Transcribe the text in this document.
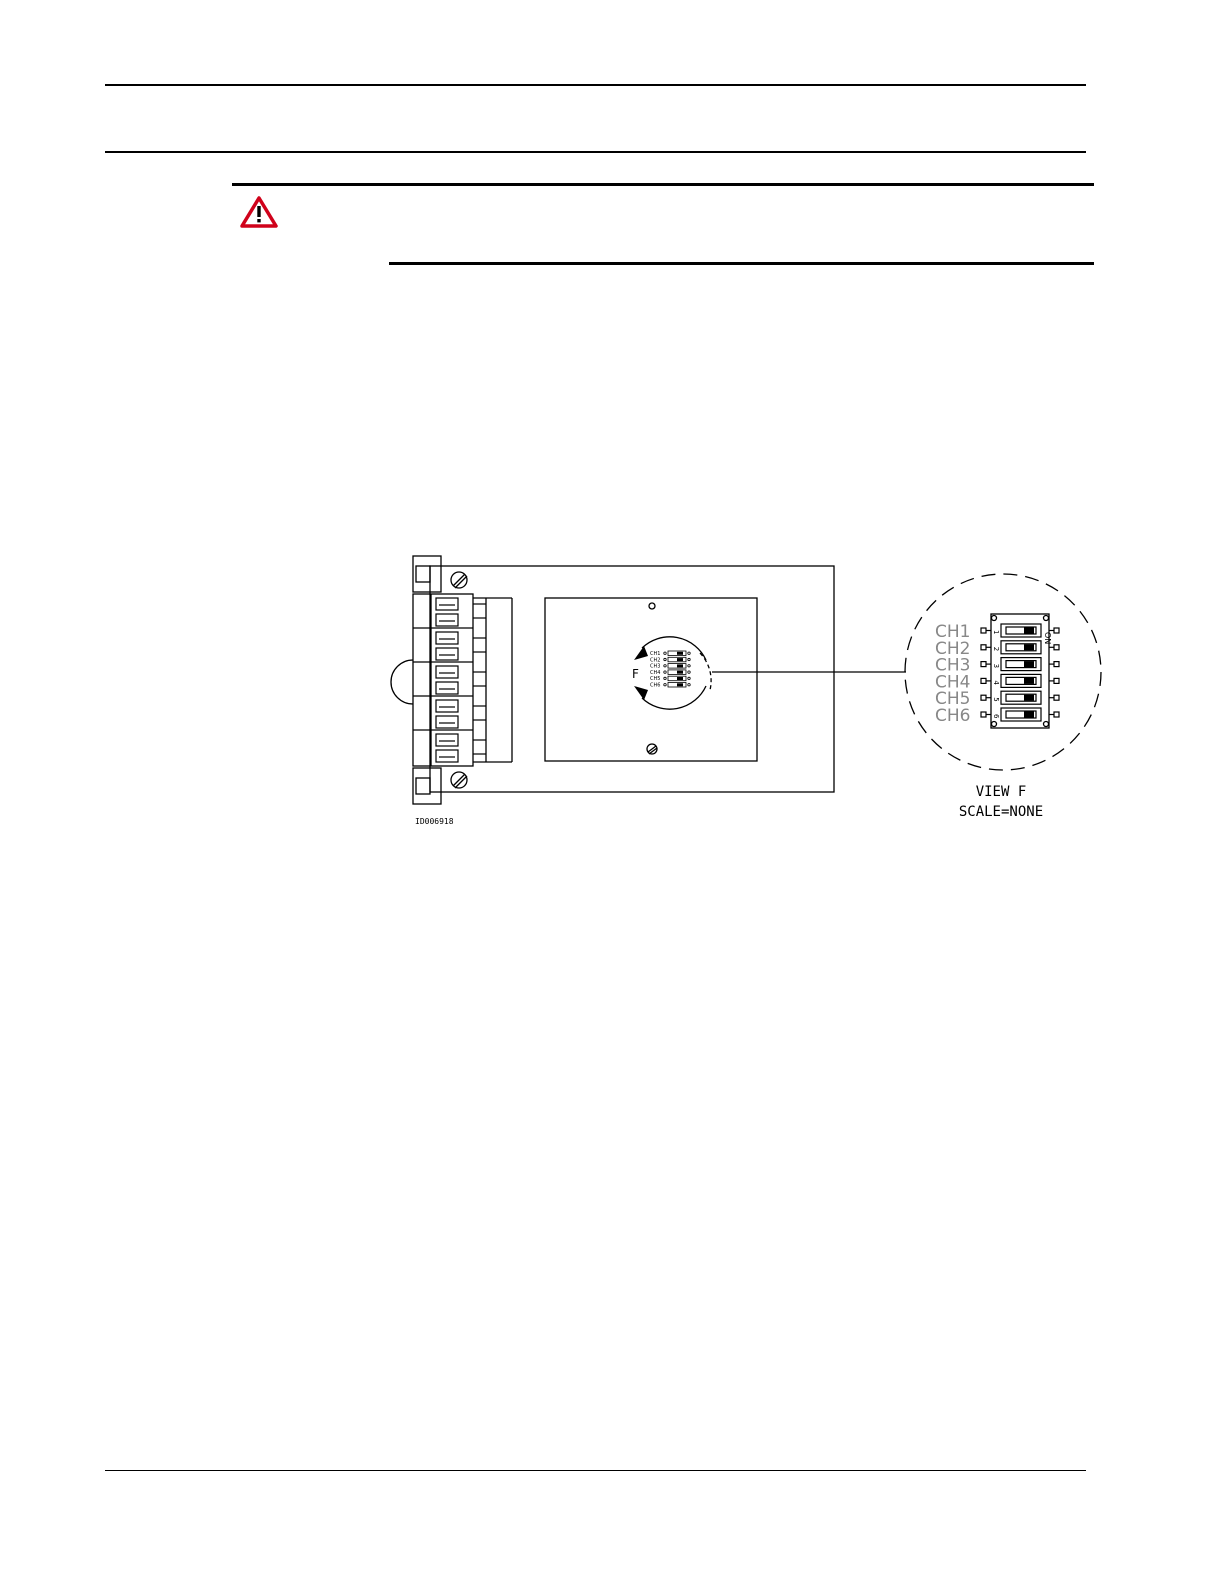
F
CH1
CH2
CH3
CH4
CH5
CH6
CH1
CH2
CH3
CH4
CH5
CH6
1
2
3
4
5
6
ON
VIEW F
SCALE=NONE
ID006918
